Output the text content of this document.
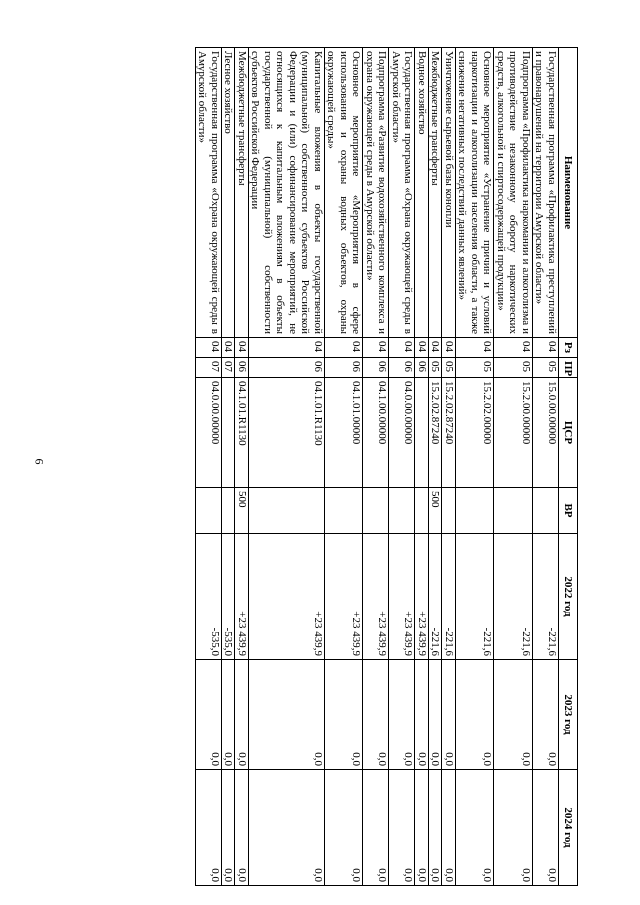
6
Наименование	Рз	ПР	ЦСР	ВР	2022 год	2023 год	2024 год
Государственная программа «Профилактика преступлений и правонарушений на территории Амурской области»	04	05	15.0.00.00000		-221,6	0,0	0,0
Подпрограмма «Профилактика наркомании и алкоголизма и противодействие незаконному обороту наркотических средств, алкогольной и спиртосодержащей продукции»	04	05	15.2.00.00000		-221,6	0,0	0,0
Основное мероприятие «Устранение причин и условий наркотизации и алкоголизации населения области, а также снижение негативных последствий данных явлений»	04	05	15.2.02.00000		-221,6	0,0	0,0
Уничтожение сырьевой базы конопли	04	05	15.2.02.87240		-221,6	0,0	0,0
Межбюджетные трансферты	04	05	15.2.02.87240	500	-221,6	0,0	0,0
Водное хозяйство	04	06			+23 439,9	0,0	0,0
Государственная программа «Охрана окружающей среды в Амурской области»	04	06	04.0.00.00000		+23 439,9	0,0	0,0
Подпрограмма «Развитие водохозяйственного комплекса и охрана окружающей среды в Амурской области»	04	06	04.1.00.00000		+23 439,9	0,0	0,0
Основное мероприятие «Мероприятия в сфере использования и охраны водных объектов, охраны окружающей среды»	04	06	04.1.01.00000		+23 439,9	0,0	0,0
Капитальные вложения в объекты государственной (муниципальной) собственности субъектов Российской Федерации и (или) софинансирование мероприятий, не относящихся к капитальным вложениям в объекты государственной (муниципальной) собственности субъектов Российской Федерации	04	06	04.1.01.R1130		+23 439,9	0,0	0,0
Межбюджетные трансферты	04	06	04.1.01.R1130	500	+23 439,9	0,0	0,0
Лесное хозяйство	04	07			-535,0	0,0	0,0
Государственная программа «Охрана окружающей среды в Амурской области»	04	07	04.0.00.00000		-535,0	0,0	0,0
